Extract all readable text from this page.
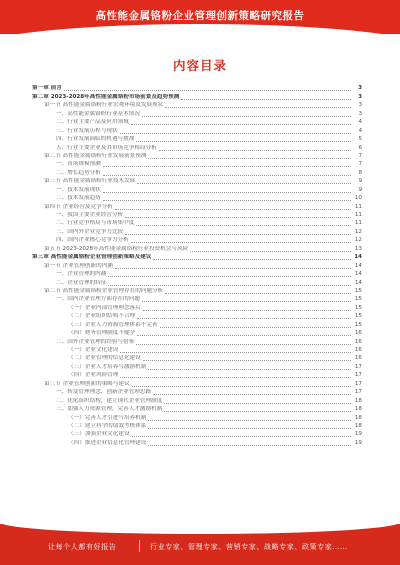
高性能金属铬粉企业管理创新策略研究报告
内容目录
第一章 前言	3
第二章 2023-2028年高性能金属铬粉市场前景及趋势预测	3
第一节 高性能金属铬粉行业宏观环境及发展现状	3
一、高性能金属铬粉行业基本情况	3
二、行业主要产品及应用领域	4
三、行业发展历程与现状	4
四、行业发展面临的机遇与挑战	5
五、行业主要企业及其市场竞争格局分析	6
第二节 高性能金属铬粉行业发展前景预测	7
一、市场规模预测	7
二、增长趋势分析	8
第三节 高性能金属铬粉行业技术发展	9
一、技术发展现状	9
二、技术发展趋势	10
第四节 企业经营及竞争分析	11
一、我国主要企业经营分析	11
二、行业竞争格局与市场集中度	11
三、国内外企业竞争力比较	12
四、国内企业核心竞争力分析	12
第五节 2023-2028年高性能金属铬粉行业投资机会与风险	13
第三章 高性能金属铬粉企业管理创新策略及建议	14
第一节 企业管理创新的内涵	14
一、企业管理的内涵	14
二、企业管理的特征	14
第二节 高性能金属铬粉企业管理存在的问题分析	15
一、国内企业管理方面存在的问题	15
（一）企业内部管理理念落后	15
（二）企业组织结构不合理	15
（三）企业人力资源管理体系不完善	15
（四）财务管理制度不健全	16
二、国外企业管理的经验与借鉴	16
（一）企业文化建设	16
（二）企业管理的信息化建设	16
（三）企业人才培养与激励机制	17
（四）企业风险管理	17
第三节 企业管理创新的策略与建议	17
一、转变管理理念，创新企业管理思路	17
二、优化组织结构，建立现代企业管理制度	18
三、加强人力资源管理，完善人才激励机制	18
（一）完善人才引进与培养机制	18
（二）建立科学的绩效考核体系	18
（三）加强企业文化建设	19
（四）推进企业信息化管理建设	19
让每个人都有好报告	行业专家、管理专家、营销专家、战略专家、政策专家……
